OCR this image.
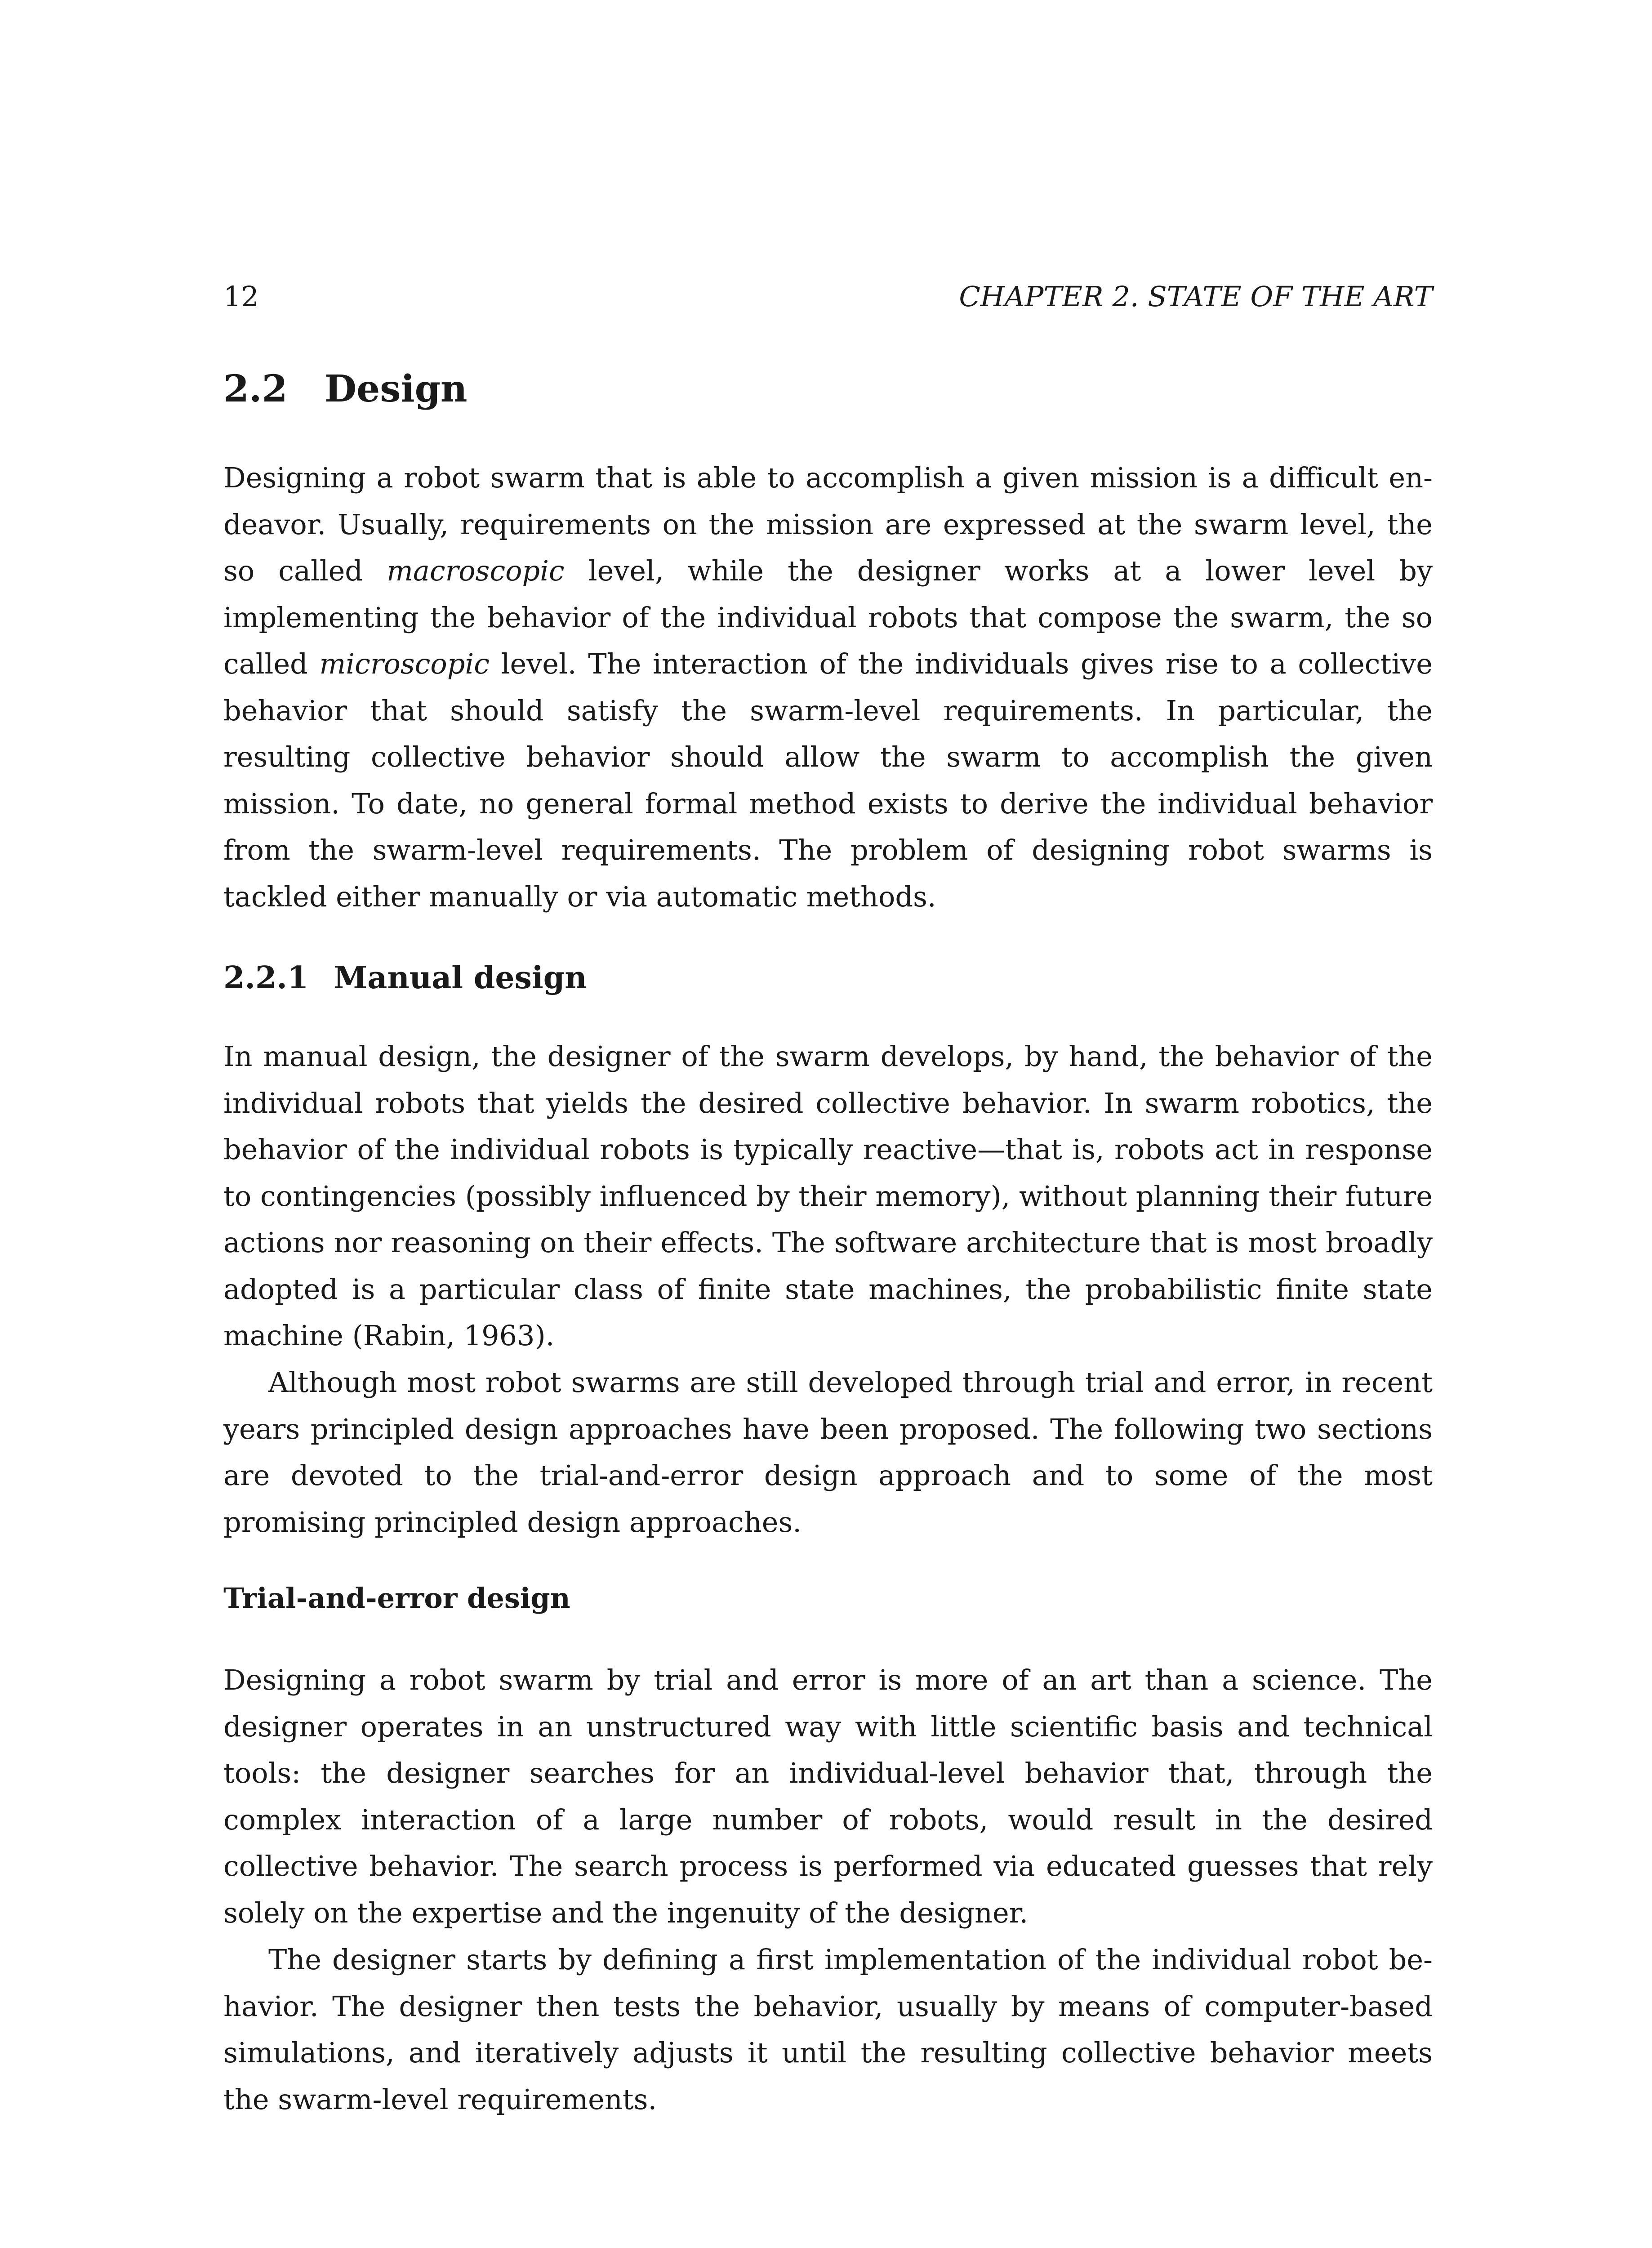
12	CHAPTER 2. STATE OF THE ART
2.2 Design

Designing a robot swarm that is able to accomplish a given mission is a difficult endeavor. Usually, requirements on the mission are expressed at the swarm level, the so called macroscopic level, while the designer works at a lower level by implementing the behavior of the individual robots that compose the swarm, the so called microscopic level. The interaction of the individuals gives rise to a collective behavior that should satisfy the swarm-level requirements. In particular, the resulting collective behavior should allow the swarm to accomplish the given mission. To date, no general formal method exists to derive the individual behavior from the swarm-level requirements. The problem of designing robot swarms is tackled either manually or via automatic methods.

2.2.1 Manual design

In manual design, the designer of the swarm develops, by hand, the behavior of the individual robots that yields the desired collective behavior. In swarm robotics, the behavior of the individual robots is typically reactive—that is, robots act in response to contingencies (possibly influenced by their memory), without planning their future actions nor reasoning on their effects. The software architecture that is most broadly adopted is a particular class of finite state machines, the probabilistic finite state machine (Rabin, 1963).

Although most robot swarms are still developed through trial and error, in recent years principled design approaches have been proposed. The following two sections are devoted to the trial-and-error design approach and to some of the most promising principled design approaches.

Trial-and-error design

Designing a robot swarm by trial and error is more of an art than a science. The designer operates in an unstructured way with little scientific basis and technical tools: the designer searches for an individual-level behavior that, through the complex interaction of a large number of robots, would result in the desired collective behavior. The search process is performed via educated guesses that rely solely on the expertise and the ingenuity of the designer.

The designer starts by defining a first implementation of the individual robot behavior. The designer then tests the behavior, usually by means of computer-based simulations, and iteratively adjusts it until the resulting collective behavior meets the swarm-level requirements.
